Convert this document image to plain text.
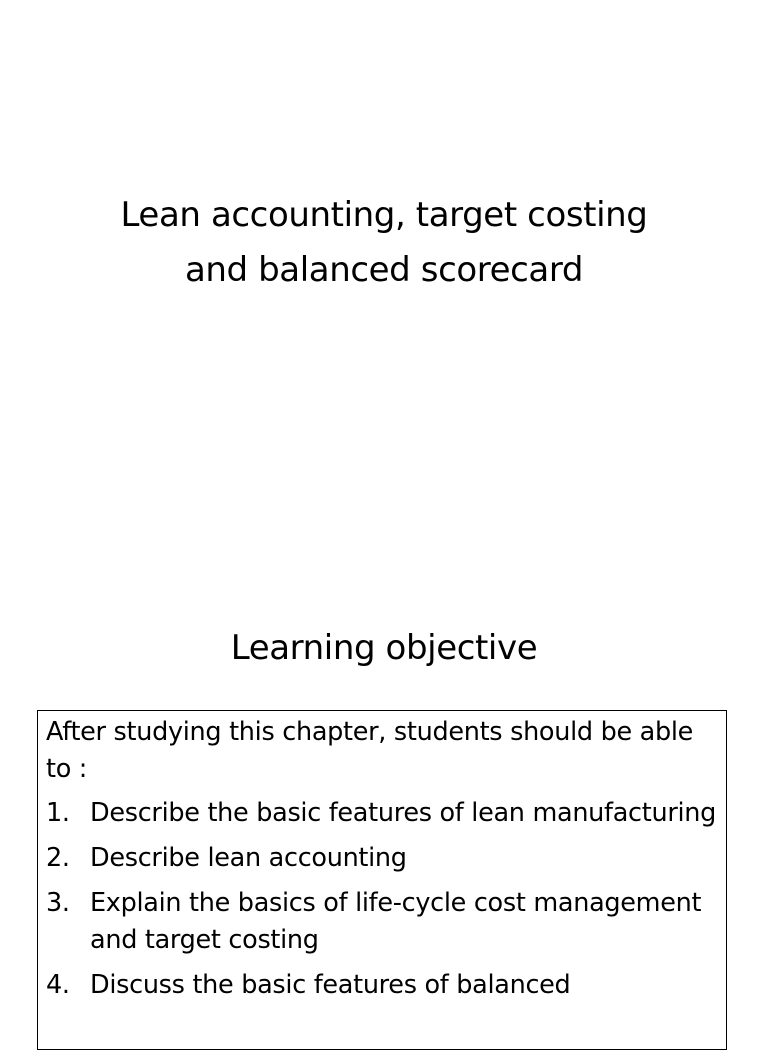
Lean accounting, target costing
and balanced scorecard
Learning objective
After studying this chapter, students should be able to :
1. Describe the basic features of lean manufacturing
2. Describe lean accounting
3. Explain the basics of life-cycle cost management and target costing
4. Discuss the basic features of balanced
